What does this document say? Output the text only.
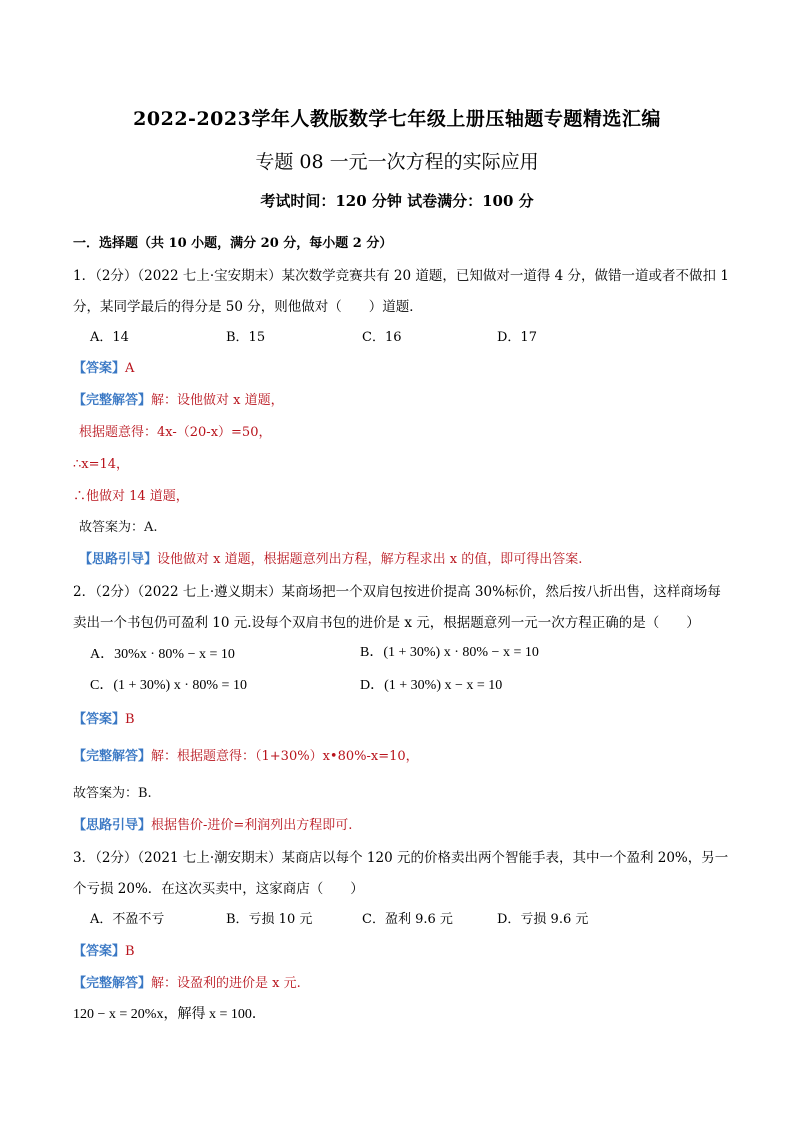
2022-2023学年人教版数学七年级上册压轴题专题精选汇编
专题 08 一元一次方程的实际应用
考试时间：120 分钟 试卷满分：100 分
一．选择题（共 10 小题，满分 20 分，每小题 2 分）
1．（2分）（2022 七上·宝安期末）某次数学竞赛共有 20 道题，已知做对一道得 4 分，做错一道或者不做扣 1
分，某同学最后的得分是 50 分，则他做对（　　）道题．
A．14	B．15	C．16	D．17
【答案】A
【完整解答】解：设他做对 x 道题，
根据题意得：4x-（20-x）=50，
∴x=14，
∴他做对 14 道题，
故答案为：A.
【思路引导】设他做对 x 道题，根据题意列出方程，解方程求出 x 的值，即可得出答案.
2．（2分）（2022 七上·遵义期末）某商场把一个双肩包按进价提高 30%标价，然后按八折出售，这样商场每
卖出一个书包仍可盈利 10 元.设每个双肩书包的进价是 x 元，根据题意列一元一次方程正确的是（　　）
A．30%x · 80% − x = 10	B．(1 + 30%) x · 80% − x = 10
C．(1 + 30%) x · 80% = 10	D．(1 + 30%) x − x = 10
【答案】B
【完整解答】解：根据题意得：（1+30%）x•80%-x=10，
故答案为：B.
【思路引导】根据售价-进价=利润列出方程即可.
3．（2分）（2021 七上·潮安期末）某商店以每个 120 元的价格卖出两个智能手表，其中一个盈利 20%，另一
个亏损 20%．在这次买卖中，这家商店（　　）
A．不盈不亏	B．亏损 10 元	C．盈利 9.6 元	D．亏损 9.6 元
【答案】B
【完整解答】解：设盈利的进价是 x 元.
120 − x = 20%x，解得 x = 100．
